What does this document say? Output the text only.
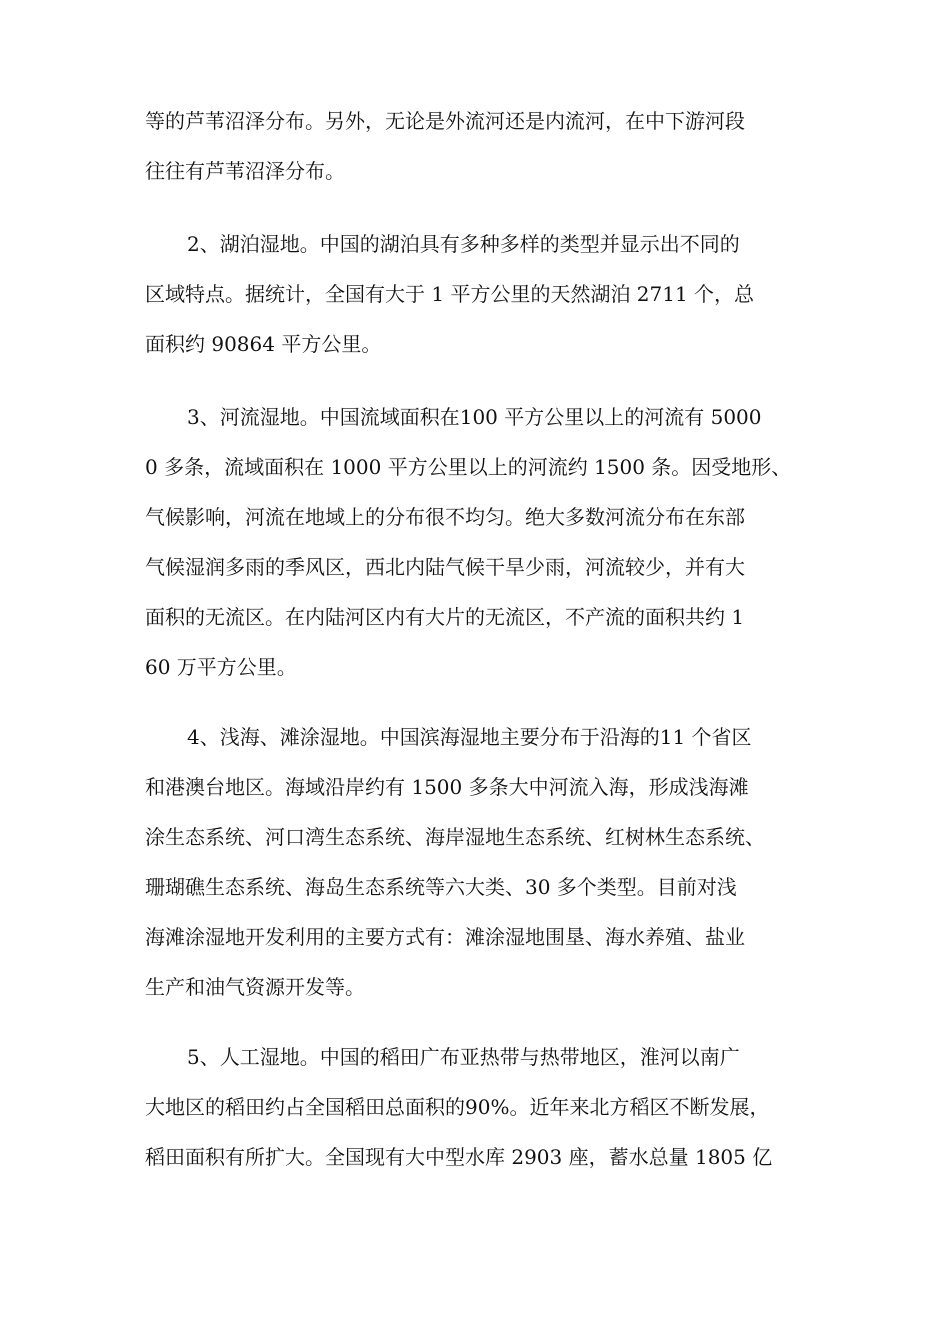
等的芦苇沼泽分布。另外，无论是外流河还是内流河，在中下游河段
往往有芦苇沼泽分布。
2、湖泊湿地。中国的湖泊具有多种多样的类型并显示出不同的
区域特点。据统计，全国有大于 1 平方公里的天然湖泊 2711 个，总
面积约 90864 平方公里。
3、河流湿地。中国流域面积在100 平方公里以上的河流有 5000
0 多条，流域面积在 1000 平方公里以上的河流约 1500 条。因受地形、
气候影响，河流在地域上的分布很不均匀。绝大多数河流分布在东部
气候湿润多雨的季风区，西北内陆气候干旱少雨，河流较少，并有大
面积的无流区。在内陆河区内有大片的无流区，不产流的面积共约 1
60 万平方公里。
4、浅海、滩涂湿地。中国滨海湿地主要分布于沿海的11 个省区
和港澳台地区。海域沿岸约有 1500 多条大中河流入海，形成浅海滩
涂生态系统、河口湾生态系统、海岸湿地生态系统、红树林生态系统、
珊瑚礁生态系统、海岛生态系统等六大类、30 多个类型。目前对浅
海滩涂湿地开发利用的主要方式有：滩涂湿地围垦、海水养殖、盐业
生产和油气资源开发等。
5、人工湿地。中国的稻田广布亚热带与热带地区，淮河以南广
大地区的稻田约占全国稻田总面积的90%。近年来北方稻区不断发展，
稻田面积有所扩大。全国现有大中型水库 2903 座，蓄水总量 1805 亿
